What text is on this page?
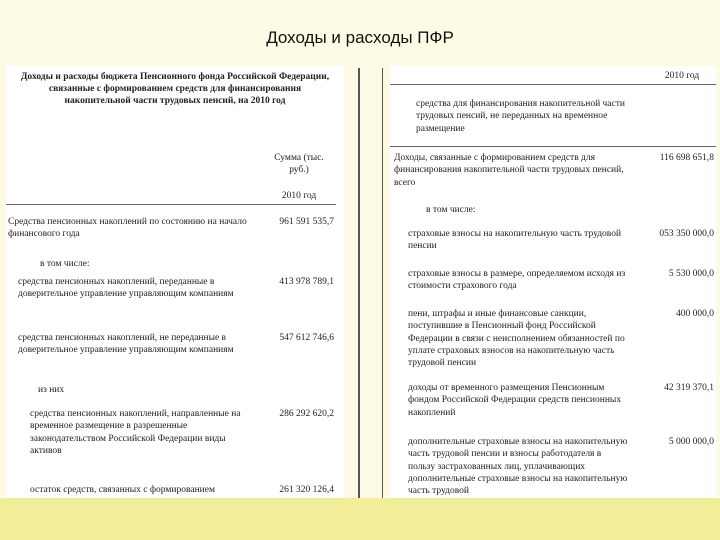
Доходы и расходы ПФР
Доходы и расходы бюджета Пенсионного фонда Российской Федерации, связанные с формированием средств для финансирования накопительной части трудовых пенсий, на 2010 год
Сумма (тыс. руб.)
2010 год
Средства пенсионных накоплений по состоянию на начало финансового года
961 591 535,7
в том числе:
средства пенсионных накоплений, переданные в доверительное управление управляющим компаниям
413 978 789,1
средства пенсионных накоплений, не переданные в доверительное управление управляющим компаниям
547 612 746,6
из них
средства пенсионных накоплений, направленные на временное размещение в разрешенные законодательством Российской Федерации виды активов
286 292 620,2
остаток средств, связанных с формированием	261 320 126,4
2010 год
средства для финансирования накопительной части трудовых пенсий, не переданных на временное размещение
Доходы, связанные с формированием средств для финансирования накопительной части трудовых пенсий, всего
116 698 651,8
в том числе:
страховые взносы на накопительную часть трудовой пенсии
053 350 000,0
страховые взносы в размере, определяемом исходя из стоимости страхового года
5 530 000,0
пени, штрафы и иные финансовые санкции, поступившие в Пенсионный фонд Российской Федерации в связи с неисполнением обязанностей по уплате страховых взносов на накопительную часть трудовой пенсии
400 000,0
доходы от временного размещения Пенсионным фондом Российской Федерации средств пенсионных накоплений
42 319 370,1
дополнительные страховые взносы на накопительную часть трудовой пенсии и взносы работодателя в пользу застрахованных лиц, уплачивающих дополнительные страховые взносы на накопительную часть трудовой
5 000 000,0
